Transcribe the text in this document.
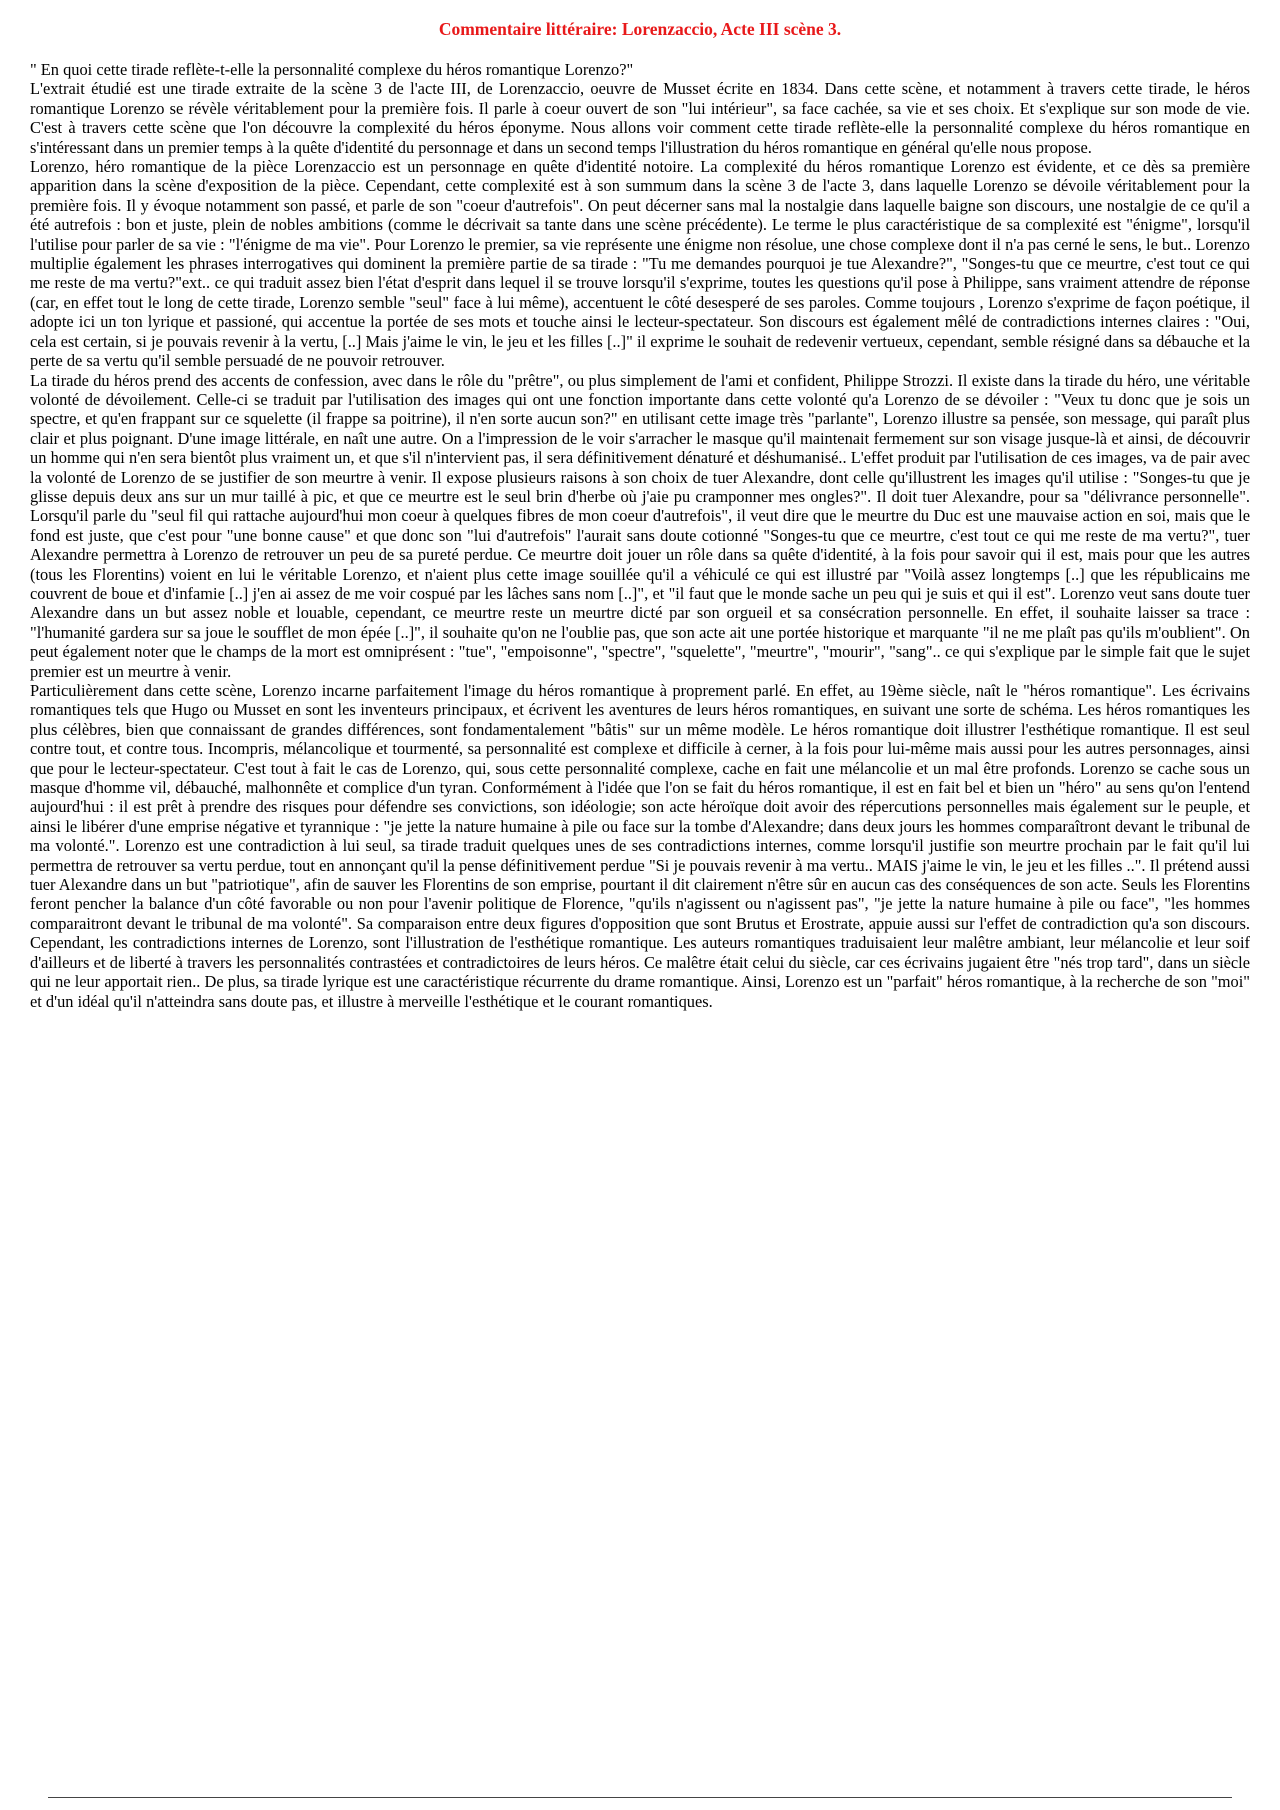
Commentaire littéraire: Lorenzaccio, Acte III scène 3.

" En quoi cette tirade reflète-t-elle la personnalité complexe du héros romantique Lorenzo?"

L'extrait étudié est une tirade extraite de la scène 3 de l'acte III, de Lorenzaccio, oeuvre de Musset écrite en 1834. Dans cette scène, et notamment à travers cette tirade, le héros romantique Lorenzo se révèle véritablement pour la première fois. Il parle à coeur ouvert de son "lui intérieur", sa face cachée, sa vie et ses choix. Et s'explique sur son mode de vie. C'est à travers cette scène que l'on découvre la complexité du héros éponyme. Nous allons voir comment cette tirade reflète-elle la personnalité complexe du héros romantique en s'intéressant dans un premier temps à la quête d'identité du personnage et dans un second temps l'illustration du héros romantique en général qu'elle nous propose.

Lorenzo, héro romantique de la pièce Lorenzaccio est un personnage en quête d'identité notoire. La complexité du héros romantique Lorenzo est évidente, et ce dès sa première apparition dans la scène d'exposition de la pièce. Cependant, cette complexité est à son summum dans la scène 3 de l'acte 3, dans laquelle Lorenzo se dévoile véritablement pour la première fois. Il y évoque notamment son passé, et parle de son "coeur d'autrefois". On peut décerner sans mal la nostalgie dans laquelle baigne son discours, une nostalgie de ce qu'il a été autrefois : bon et juste, plein de nobles ambitions (comme le décrivait sa tante dans une scène précédente). Le terme le plus caractéristique de sa complexité est "énigme", lorsqu'il l'utilise pour parler de sa vie : "l'énigme de ma vie". Pour Lorenzo le premier, sa vie représente une énigme non résolue, une chose complexe dont il n'a pas cerné le sens, le but.. Lorenzo multiplie également les phrases interrogatives qui dominent la première partie de sa tirade : "Tu me demandes pourquoi je tue Alexandre?", "Songes-tu que ce meurtre, c'est tout ce qui me reste de ma vertu?"ext.. ce qui traduit assez bien l'état d'esprit dans lequel il se trouve lorsqu'il s'exprime, toutes les questions qu'il pose à Philippe, sans vraiment attendre de réponse (car, en effet tout le long de cette tirade, Lorenzo semble "seul" face à lui même), accentuent le côté desesperé de ses paroles. Comme toujours , Lorenzo s'exprime de façon poétique, il adopte ici un ton lyrique et passioné, qui accentue la portée de ses mots et touche ainsi le lecteur-spectateur. Son discours est également mêlé de contradictions internes claires : "Oui, cela est certain, si je pouvais revenir à la vertu, [..] Mais j'aime le vin, le jeu et les filles [..]" il exprime le souhait de redevenir vertueux, cependant, semble résigné dans sa débauche et la perte de sa vertu qu'il semble persuadé de ne pouvoir retrouver.

La tirade du héros prend des accents de confession, avec dans le rôle du "prêtre", ou plus simplement de l'ami et confident, Philippe Strozzi. Il existe dans la tirade du héro, une véritable volonté de dévoilement. Celle-ci se traduit par l'utilisation des images qui ont une fonction importante dans cette volonté qu'a Lorenzo de se dévoiler : "Veux tu donc que je sois un spectre, et qu'en frappant sur ce squelette (il frappe sa poitrine), il n'en sorte aucun son?" en utilisant cette image très "parlante", Lorenzo illustre sa pensée, son message, qui paraît plus clair et plus poignant. D'une image littérale, en naît une autre. On a l'impression de le voir s'arracher le masque qu'il maintenait fermement sur son visage jusque-là et ainsi, de découvrir un homme qui n'en sera bientôt plus vraiment un, et que s'il n'intervient pas, il sera définitivement dénaturé et déshumanisé.. L'effet produit par l'utilisation de ces images, va de pair avec la volonté de Lorenzo de se justifier de son meurtre à venir. Il expose plusieurs raisons à son choix de tuer Alexandre, dont celle qu'illustrent les images qu'il utilise : "Songes-tu que je glisse depuis deux ans sur un mur taillé à pic, et que ce meurtre est le seul brin d'herbe où j'aie pu cramponner mes ongles?". Il doit tuer Alexandre, pour sa "délivrance personnelle". Lorsqu'il parle du "seul fil qui rattache aujourd'hui mon coeur à quelques fibres de mon coeur d'autrefois", il veut dire que le meurtre du Duc est une mauvaise action en soi, mais que le fond est juste, que c'est pour "une bonne cause" et que donc son "lui d'autrefois" l'aurait sans doute cotionné "Songes-tu que ce meurtre, c'est tout ce qui me reste de ma vertu?", tuer Alexandre permettra à Lorenzo de retrouver un peu de sa pureté perdue. Ce meurtre doit jouer un rôle dans sa quête d'identité, à la fois pour savoir qui il est, mais pour que les autres (tous les Florentins) voient en lui le véritable Lorenzo, et n'aient plus cette image souillée qu'il a véhiculé ce qui est illustré par "Voilà assez longtemps [..] que les républicains me couvrent de boue et d'infamie [..] j'en ai assez de me voir cospué par les lâches sans nom [..]", et "il faut que le monde sache un peu qui je suis et qui il est". Lorenzo veut sans doute tuer Alexandre dans un but assez noble et louable, cependant, ce meurtre reste un meurtre dicté par son orgueil et sa consécration personnelle. En effet, il souhaite laisser sa trace : "l'humanité gardera sur sa joue le soufflet de mon épée [..]", il souhaite qu'on ne l'oublie pas, que son acte ait une portée historique et marquante "il ne me plaît pas qu'ils m'oublient". On peut également noter que le champs de la mort est omniprésent : "tue", "empoisonne", "spectre", "squelette", "meurtre", "mourir", "sang".. ce qui s'explique par le simple fait que le sujet premier est un meurtre à venir.

Particulièrement dans cette scène, Lorenzo incarne parfaitement l'image du héros romantique à proprement parlé. En effet, au 19ème siècle, naît le "héros romantique". Les écrivains romantiques tels que Hugo ou Musset en sont les inventeurs principaux, et écrivent les aventures de leurs héros romantiques, en suivant une sorte de schéma. Les héros romantiques les plus célèbres, bien que connaissant de grandes différences, sont fondamentalement "bâtis" sur un même modèle. Le héros romantique doit illustrer l'esthétique romantique. Il est seul contre tout, et contre tous. Incompris, mélancolique et tourmenté, sa personnalité est complexe et difficile à cerner, à la fois pour lui-même mais aussi pour les autres personnages, ainsi que pour le lecteur-spectateur. C'est tout à fait le cas de Lorenzo, qui, sous cette personnalité complexe, cache en fait une mélancolie et un mal être profonds. Lorenzo se cache sous un masque d'homme vil, débauché, malhonnête et complice d'un tyran. Conformément à l'idée que l'on se fait du héros romantique, il est en fait bel et bien un "héro" au sens qu'on l'entend aujourd'hui : il est prêt à prendre des risques pour défendre ses convictions, son idéologie; son acte héroïque doit avoir des répercutions personnelles mais également sur le peuple, et ainsi le libérer d'une emprise négative et tyrannique : "je jette la nature humaine à pile ou face sur la tombe d'Alexandre; dans deux jours les hommes comparaîtront devant le tribunal de ma volonté.". Lorenzo est une contradiction à lui seul, sa tirade traduit quelques unes de ses contradictions internes, comme lorsqu'il justifie son meurtre prochain par le fait qu'il lui permettra de retrouver sa vertu perdue, tout en annonçant qu'il la pense définitivement perdue "Si je pouvais revenir à ma vertu.. MAIS j'aime le vin, le jeu et les filles ..". Il prétend aussi tuer Alexandre dans un but "patriotique", afin de sauver les Florentins de son emprise, pourtant il dit clairement n'être sûr en aucun cas des conséquences de son acte. Seuls les Florentins feront pencher la balance d'un côté favorable ou non pour l'avenir politique de Florence, "qu'ils n'agissent ou n'agissent pas", "je jette la nature humaine à pile ou face", "les hommes comparaitront devant le tribunal de ma volonté". Sa comparaison entre deux figures d'opposition que sont Brutus et Erostrate, appuie aussi sur l'effet de contradiction qu'a son discours. Cependant, les contradictions internes de Lorenzo, sont l'illustration de l'esthétique romantique. Les auteurs romantiques traduisaient leur malêtre ambiant, leur mélancolie et leur soif d'ailleurs et de liberté à travers les personnalités contrastées et contradictoires de leurs héros. Ce malêtre était celui du siècle, car ces écrivains jugaient être "nés trop tard", dans un siècle qui ne leur apportait rien.. De plus, sa tirade lyrique est une caractéristique récurrente du drame romantique. Ainsi, Lorenzo est un "parfait" héros romantique, à la recherche de son "moi" et d'un idéal qu'il n'atteindra sans doute pas, et illustre à merveille l'esthétique et le courant romantiques.
